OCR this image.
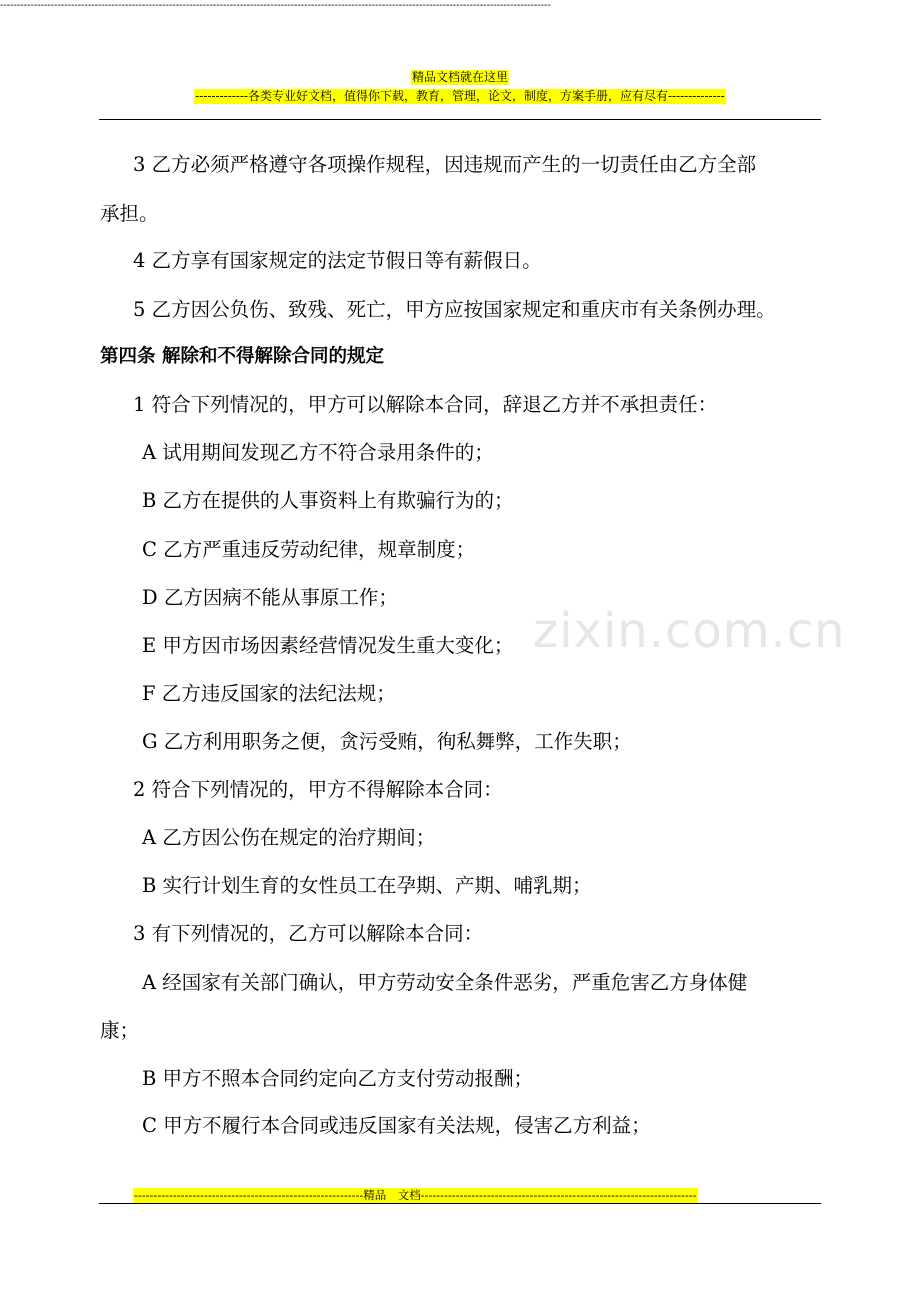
精品文档就在这里
-------------各类专业好文档，值得你下载，教育，管理，论文，制度，方案手册，应有尽有--------------
-------------------------------------------------------------------------------------------------------------------------------------------------------------------
zixin.com.cn
3 乙方必须严格遵守各项操作规程，因违规而产生的一切责任由乙方全部
承担。
4 乙方享有国家规定的法定节假日等有薪假日。
5 乙方因公负伤、致残、死亡，甲方应按国家规定和重庆市有关条例办理。
第四条 解除和不得解除合同的规定
1 符合下列情况的，甲方可以解除本合同，辞退乙方并不承担责任：
A 试用期间发现乙方不符合录用条件的；
B 乙方在提供的人事资料上有欺骗行为的；
C 乙方严重违反劳动纪律，规章制度；
D 乙方因病不能从事原工作；
E 甲方因市场因素经营情况发生重大变化；
F 乙方违反国家的法纪法规；
G 乙方利用职务之便，贪污受贿，徇私舞弊，工作失职；
2 符合下列情况的，甲方不得解除本合同：
A 乙方因公伤在规定的治疗期间；
B 实行计划生育的女性员工在孕期、产期、哺乳期；
3 有下列情况的，乙方可以解除本合同：
A 经国家有关部门确认，甲方劳动安全条件恶劣，严重危害乙方身体健
康；
B 甲方不照本合同约定向乙方支付劳动报酬；
C 甲方不履行本合同或违反国家有关法规，侵害乙方利益；
-----------------------------------------------------------精品　文档-----------------------------------------------------------------------
